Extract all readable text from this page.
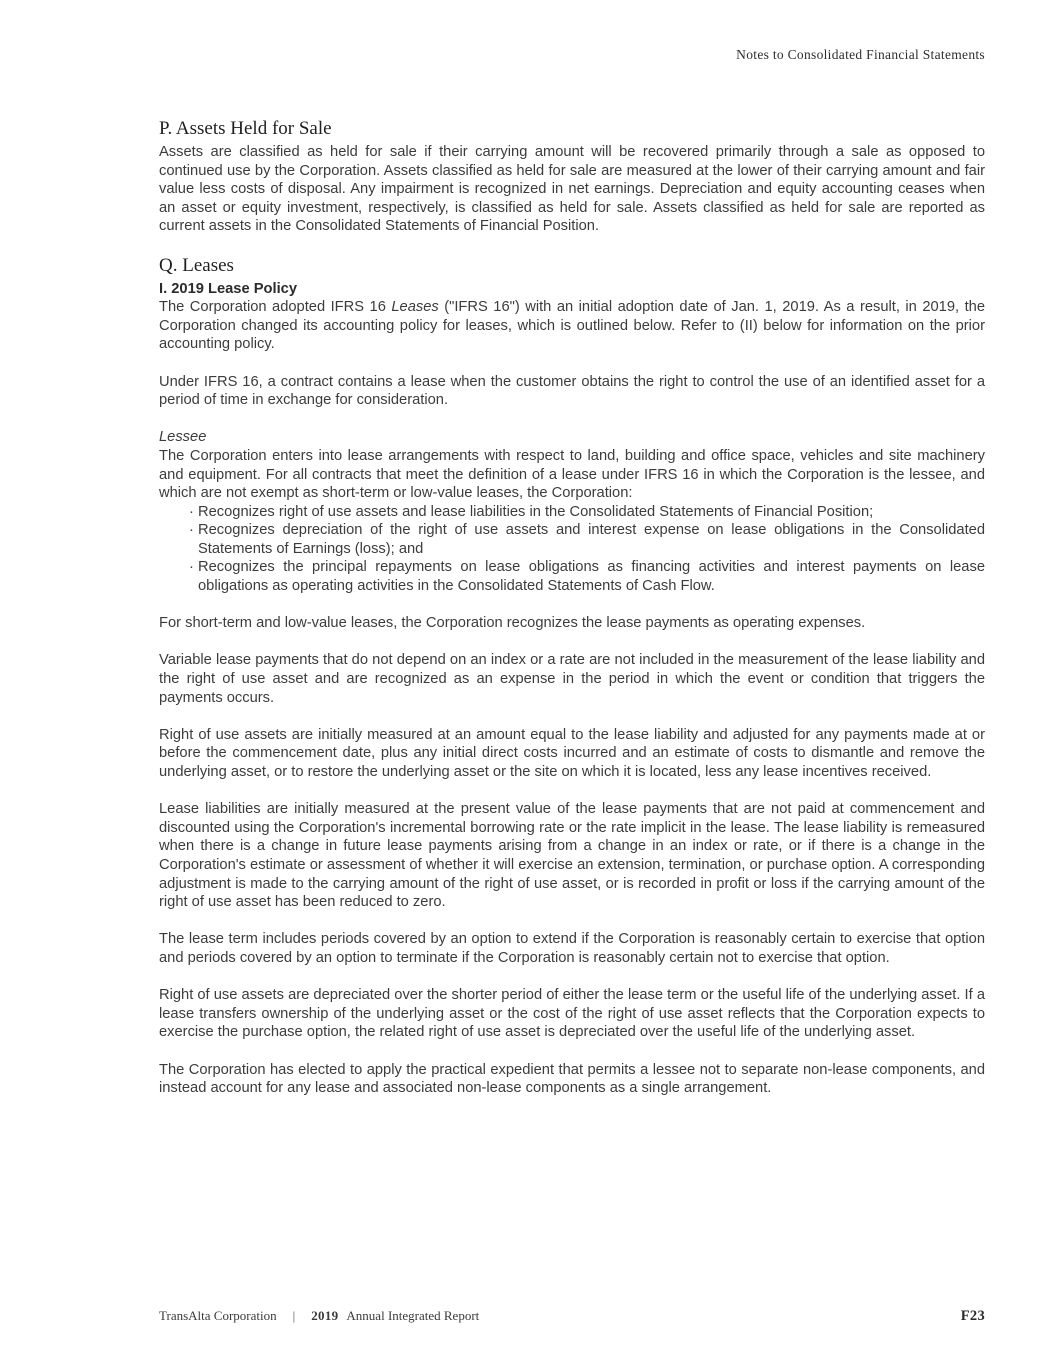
Notes to Consolidated Financial Statements
P. Assets Held for Sale

Assets are classified as held for sale if their carrying amount will be recovered primarily through a sale as opposed to continued use by the Corporation. Assets classified as held for sale are measured at the lower of their carrying amount and fair value less costs of disposal. Any impairment is recognized in net earnings. Depreciation and equity accounting ceases when an asset or equity investment, respectively, is classified as held for sale. Assets classified as held for sale are reported as current assets in the Consolidated Statements of Financial Position.

Q. Leases
I. 2019 Lease Policy

The Corporation adopted IFRS 16 Leases ("IFRS 16") with an initial adoption date of Jan. 1, 2019. As a result, in 2019, the Corporation changed its accounting policy for leases, which is outlined below. Refer to (II) below for information on the prior accounting policy.

Under IFRS 16, a contract contains a lease when the customer obtains the right to control the use of an identified asset for a period of time in exchange for consideration.

Lessee

The Corporation enters into lease arrangements with respect to land, building and office space, vehicles and site machinery and equipment. For all contracts that meet the definition of a lease under IFRS 16 in which the Corporation is the lessee, and which are not exempt as short-term or low-value leases, the Corporation:

· Recognizes right of use assets and lease liabilities in the Consolidated Statements of Financial Position;
· Recognizes depreciation of the right of use assets and interest expense on lease obligations in the Consolidated Statements of Earnings (loss); and
· Recognizes the principal repayments on lease obligations as financing activities and interest payments on lease obligations as operating activities in the Consolidated Statements of Cash Flow.

For short-term and low-value leases, the Corporation recognizes the lease payments as operating expenses.

Variable lease payments that do not depend on an index or a rate are not included in the measurement of the lease liability and the right of use asset and are recognized as an expense in the period in which the event or condition that triggers the payments occurs.

Right of use assets are initially measured at an amount equal to the lease liability and adjusted for any payments made at or before the commencement date, plus any initial direct costs incurred and an estimate of costs to dismantle and remove the underlying asset, or to restore the underlying asset or the site on which it is located, less any lease incentives received.

Lease liabilities are initially measured at the present value of the lease payments that are not paid at commencement and discounted using the Corporation's incremental borrowing rate or the rate implicit in the lease. The lease liability is remeasured when there is a change in future lease payments arising from a change in an index or rate, or if there is a change in the Corporation's estimate or assessment of whether it will exercise an extension, termination, or purchase option. A corresponding adjustment is made to the carrying amount of the right of use asset, or is recorded in profit or loss if the carrying amount of the right of use asset has been reduced to zero.

The lease term includes periods covered by an option to extend if the Corporation is reasonably certain to exercise that option and periods covered by an option to terminate if the Corporation is reasonably certain not to exercise that option.

Right of use assets are depreciated over the shorter period of either the lease term or the useful life of the underlying asset. If a lease transfers ownership of the underlying asset or the cost of the right of use asset reflects that the Corporation expects to exercise the purchase option, the related right of use asset is depreciated over the useful life of the underlying asset.

The Corporation has elected to apply the practical expedient that permits a lessee not to separate non-lease components, and instead account for any lease and associated non-lease components as a single arrangement.

TransAlta Corporation | 2019 Annual Integrated Report	F23
